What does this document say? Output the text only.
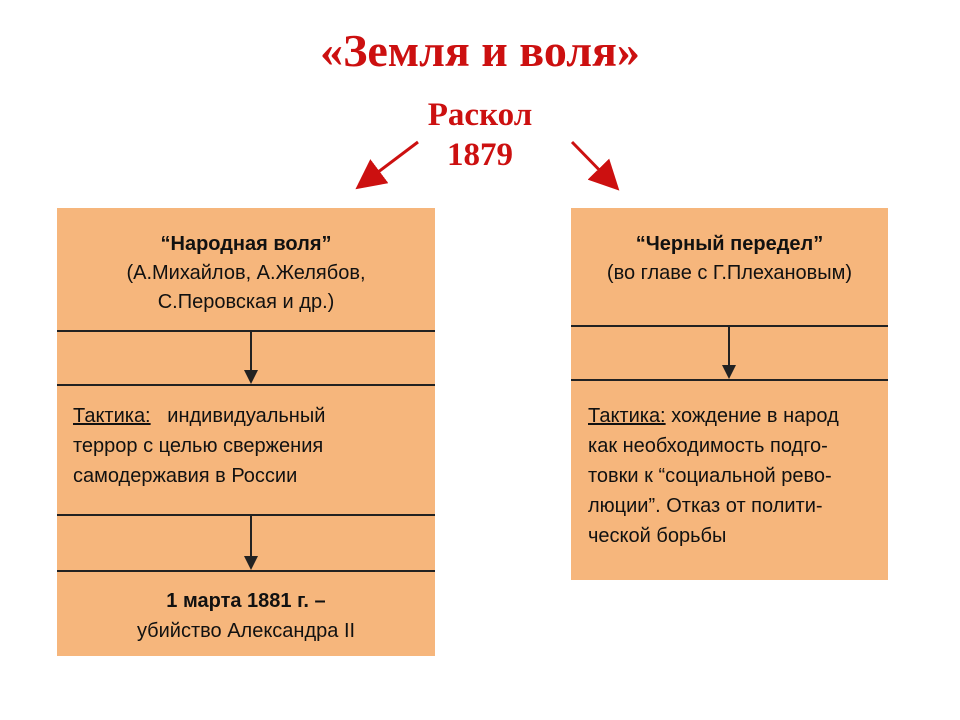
«Земля и воля»
Раскол
1879
“Народная воля”
(А.Михайлов, А.Желябов,
С.Перовская и др.)
Тактика: индивидуальный
террор с целью свержения
самодержавия в России
1 марта 1881 г. –
убийство Александра II
“Черный передел”
(во главе с Г.Плехановым)
Тактика: хождение в народ
как необходимость подго-
товки к “социальной рево-
люции”. Отказ от полити-
ческой борьбы
